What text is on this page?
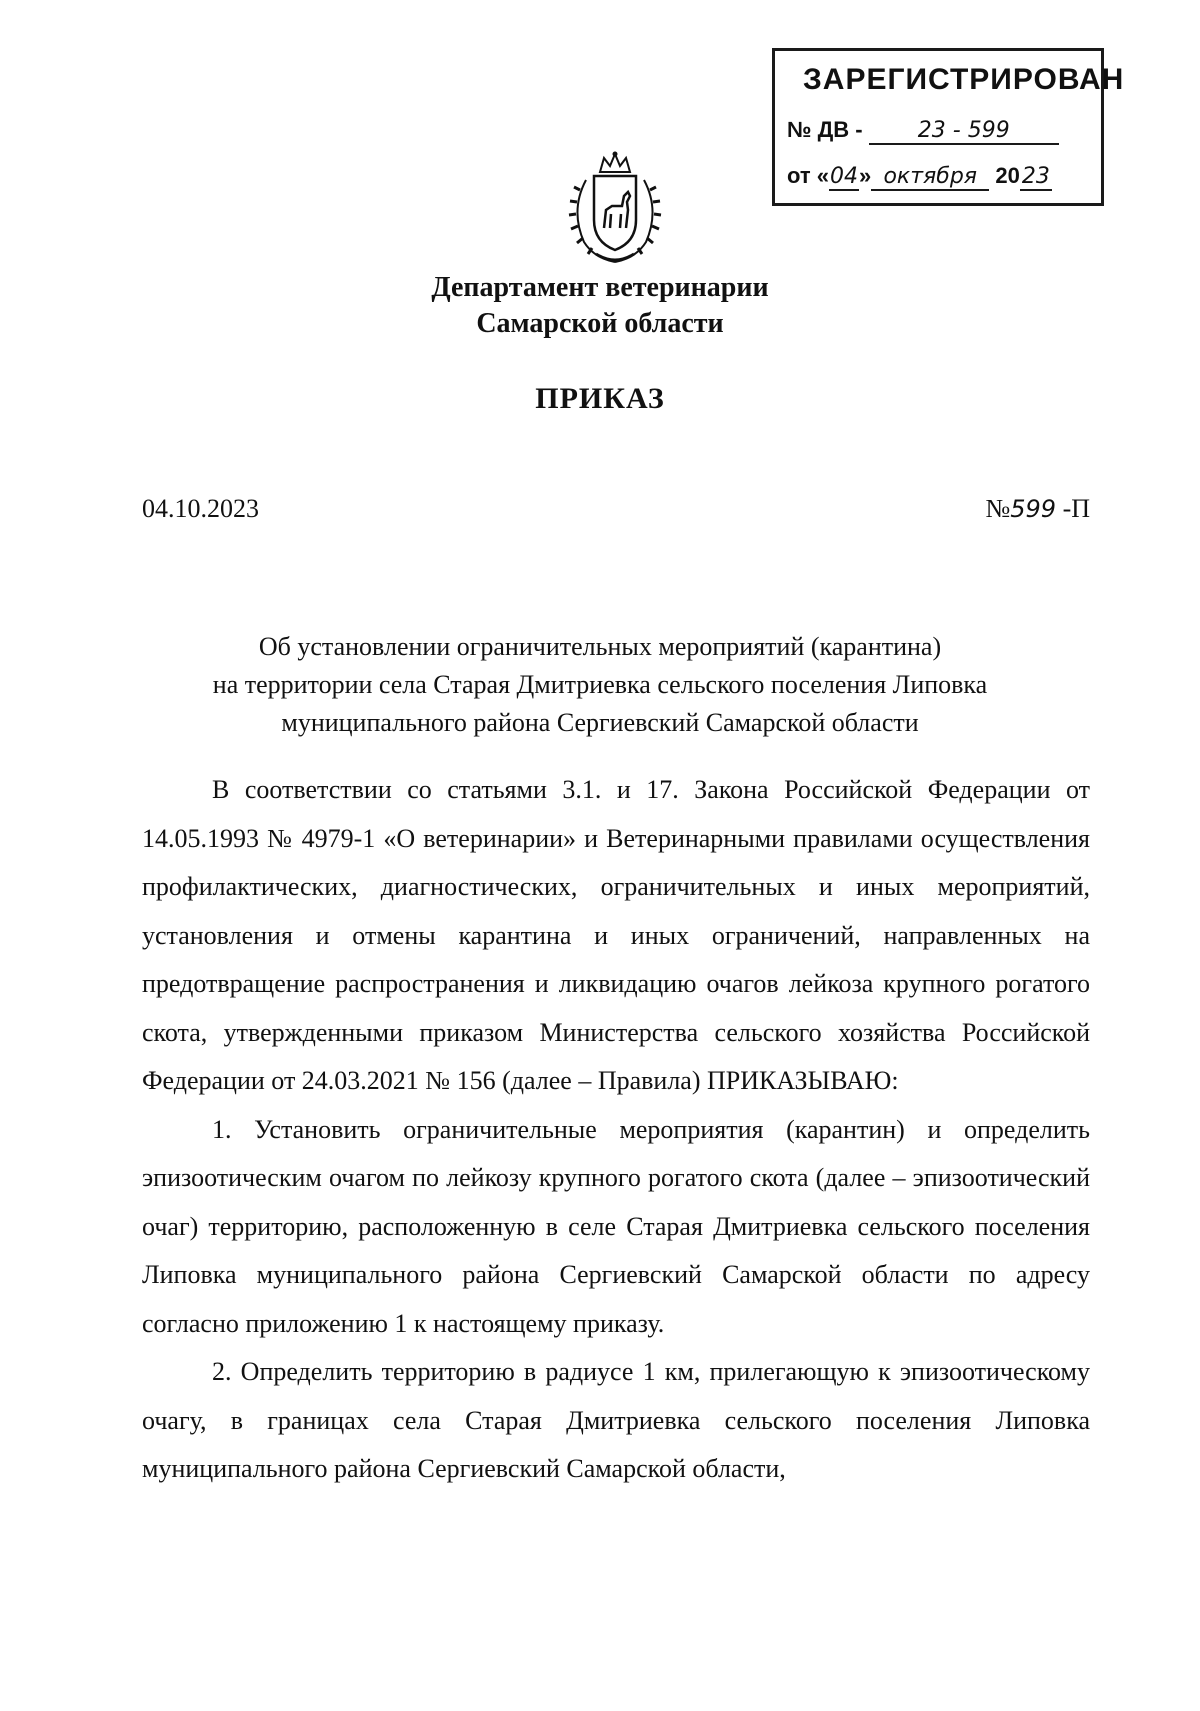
ЗАРЕГИСТРИРОВАН
№ ДВ -	23 - 599
от «04» октября 2023
Департамент ветеринарии
Самарской области
ПРИКАЗ
04.10.2023	№599 -П
Об установлении ограничительных мероприятий (карантина)
на территории села Старая Дмитриевка сельского поселения Липовка
муниципального района Сергиевский Самарской области

В соответствии со статьями 3.1. и 17. Закона Российской Федерации от 14.05.1993 № 4979-1 «О ветеринарии» и Ветеринарными правилами осуществления профилактических, диагностических, ограничительных и иных мероприятий, установления и отмены карантина и иных ограничений, направленных на предотвращение распространения и ликвидацию очагов лейкоза крупного рогатого скота, утвержденными приказом Министерства сельского хозяйства Российской Федерации от 24.03.2021 № 156 (далее – Правила) ПРИКАЗЫВАЮ:

1. Установить ограничительные мероприятия (карантин) и определить эпизоотическим очагом по лейкозу крупного рогатого скота (далее – эпизоотический очаг) территорию, расположенную в селе Старая Дмитриевка сельского поселения Липовка муниципального района Сергиевский Самарской области по адресу согласно приложению 1 к настоящему приказу.

2. Определить территорию в радиусе 1 км, прилегающую к эпизоотическому очагу, в границах села Старая Дмитриевка сельского поселения Липовка муниципального района Сергиевский Самарской области,
